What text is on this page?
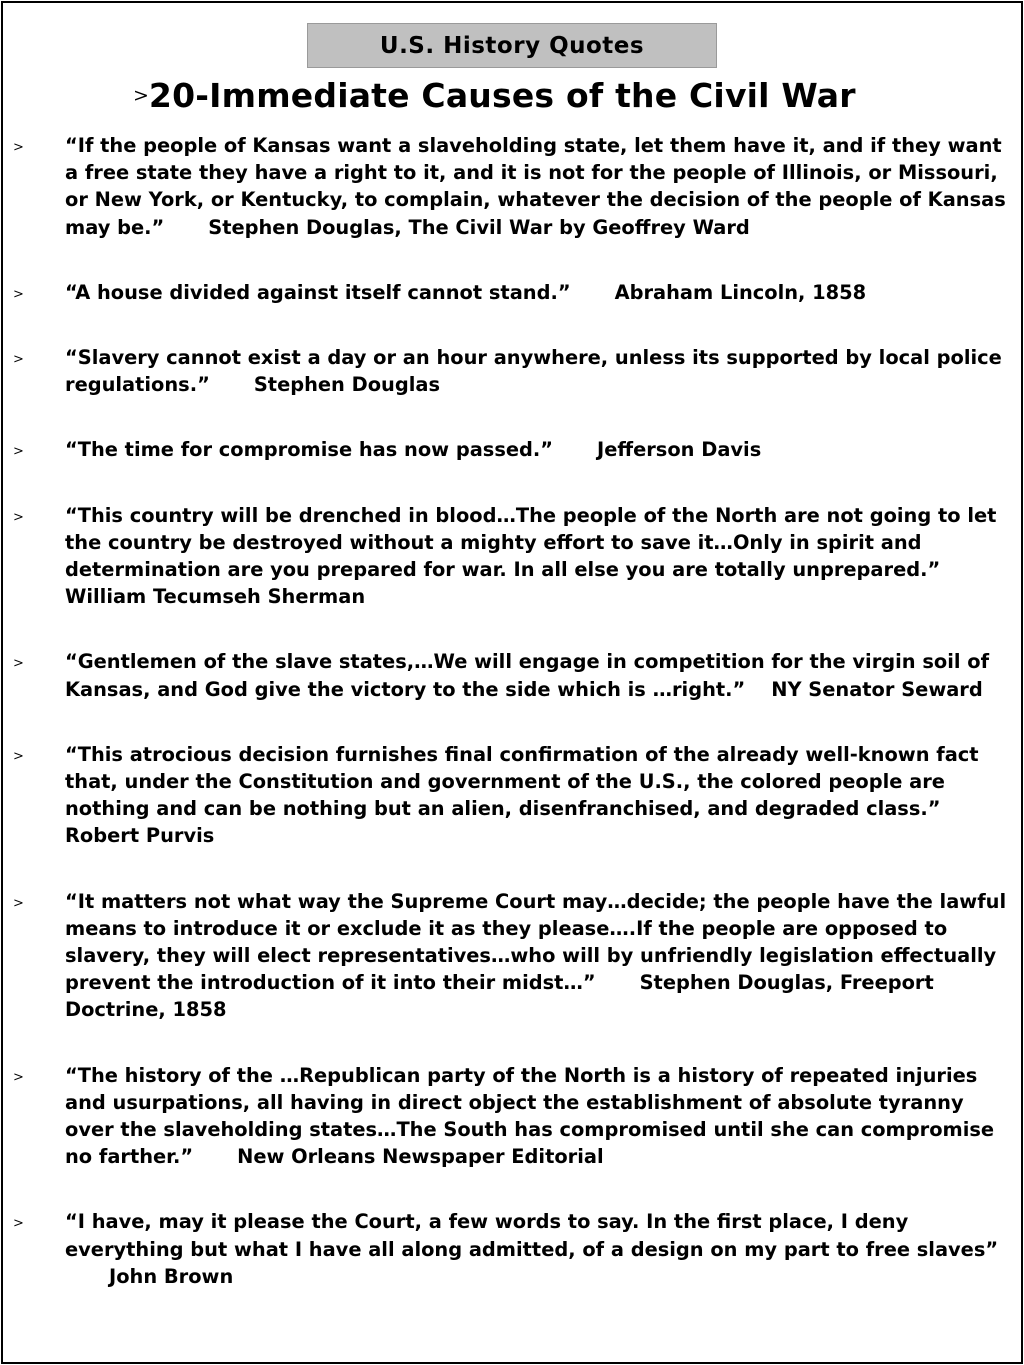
U.S. History Quotes
>20-Immediate Causes of the Civil War
> “If the people of Kansas want a slaveholding state, let them have it, and if they want a free state they have a right to it, and it is not for the people of Illinois, or Missouri, or New York, or Kentucky, to complain, whatever the decision of the people of Kansas may be.” Stephen Douglas, The Civil War by Geoffrey Ward
> “A house divided against itself cannot stand.” Abraham Lincoln, 1858
> “Slavery cannot exist a day or an hour anywhere, unless its supported by local police regulations.” Stephen Douglas
> “The time for compromise has now passed.” Jefferson Davis
> “This country will be drenched in blood…The people of the North are not going to let the country be destroyed without a mighty effort to save it…Only in spirit and determination are you prepared for war. In all else you are totally unprepared.” William Tecumseh Sherman
> “Gentlemen of the slave states,…We will engage in competition for the virgin soil of Kansas, and God give the victory to the side which is …right.” NY Senator Seward
> “This atrocious decision furnishes final confirmation of the already well-known fact that, under the Constitution and government of the U.S., the colored people are nothing and can be nothing but an alien, disenfranchised, and degraded class.” Robert Purvis
> “It matters not what way the Supreme Court may…decide; the people have the lawful means to introduce it or exclude it as they please….If the people are opposed to slavery, they will elect representatives…who will by unfriendly legislation effectually prevent the introduction of it into their midst…” Stephen Douglas, Freeport Doctrine, 1858
> “The history of the …Republican party of the North is a history of repeated injuries and usurpations, all having in direct object the establishment of absolute tyranny over the slaveholding states…The South has compromised until she can compromise no farther.” New Orleans Newspaper Editorial
> “I have, may it please the Court, a few words to say. In the first place, I deny everything but what I have all along admitted, of a design on my part to free slaves”John Brown
